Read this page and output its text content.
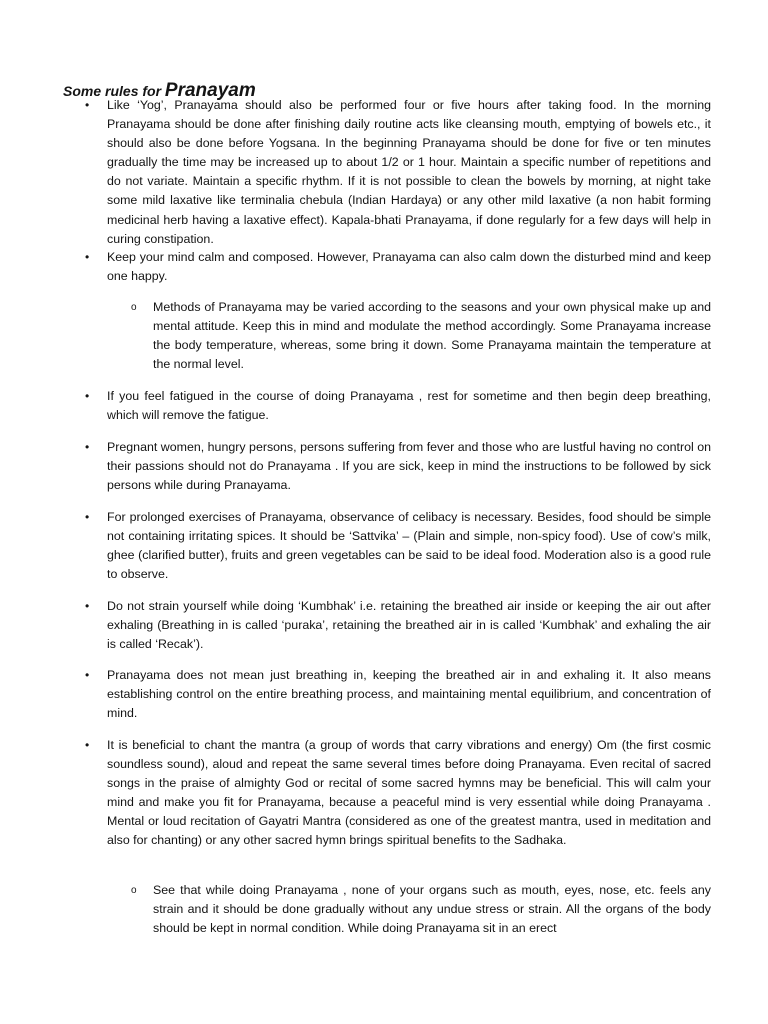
Some rules for Pranayam

• Like ‘Yog’, Pranayama should also be performed four or five hours after taking food. In the morning Pranayama should be done after finishing daily routine acts like cleansing mouth, emptying of bowels etc., it should also be done before Yogsana. In the beginning Pranayama should be done for five or ten minutes gradually the time may be increased up to about 1/2 or 1 hour. Maintain a specific number of repetitions and do not variate. Maintain a specific rhythm. If it is not possible to clean the bowels by morning, at night take some mild laxative like terminalia chebula (Indian Hardaya) or any other mild laxative (a non habit forming medicinal herb having a laxative effect). Kapala-bhati Pranayama, if done regularly for a few days will help in curing constipation.

• Keep your mind calm and composed. However, Pranayama can also calm down the disturbed mind and keep one happy.

o Methods of Pranayama may be varied according to the seasons and your own physical make up and mental attitude. Keep this in mind and modulate the method accordingly. Some Pranayama increase the body temperature, whereas, some bring it down. Some Pranayama maintain the temperature at the normal level.

• If you feel fatigued in the course of doing Pranayama , rest for sometime and then begin deep breathing, which will remove the fatigue.

• Pregnant women, hungry persons, persons suffering from fever and those who are lustful having no control on their passions should not do Pranayama . If you are sick, keep in mind the instructions to be followed by sick persons while during Pranayama.

• For prolonged exercises of Pranayama, observance of celibacy is necessary. Besides, food should be simple not containing irritating spices. It should be ‘Sattvika’ – (Plain and simple, non-spicy food). Use of cow’s milk, ghee (clarified butter), fruits and green vegetables can be said to be ideal food. Moderation also is a good rule to observe.

• Do not strain yourself while doing ‘Kumbhak’ i.e. retaining the breathed air inside or keeping the air out after exhaling (Breathing in is called ‘puraka’, retaining the breathed air in is called ‘Kumbhak’ and exhaling the air is called ‘Recak’).

• Pranayama does not mean just breathing in, keeping the breathed air in and exhaling it. It also means establishing control on the entire breathing process, and maintaining mental equilibrium, and concentration of mind.

• It is beneficial to chant the mantra (a group of words that carry vibrations and energy) Om (the first cosmic soundless sound), aloud and repeat the same several times before doing Pranayama. Even recital of sacred songs in the praise of almighty God or recital of some sacred hymns may be beneficial. This will calm your mind and make you fit for Pranayama, because a peaceful mind is very essential while doing Pranayama . Mental or loud recitation of Gayatri Mantra (considered as one of the greatest mantra, used in meditation and also for chanting) or any other sacred hymn brings spiritual benefits to the Sadhaka.

o See that while doing Pranayama , none of your organs such as mouth, eyes, nose, etc. feels any strain and it should be done gradually without any undue stress or strain. All the organs of the body should be kept in normal condition. While doing Pranayama sit in an erect
